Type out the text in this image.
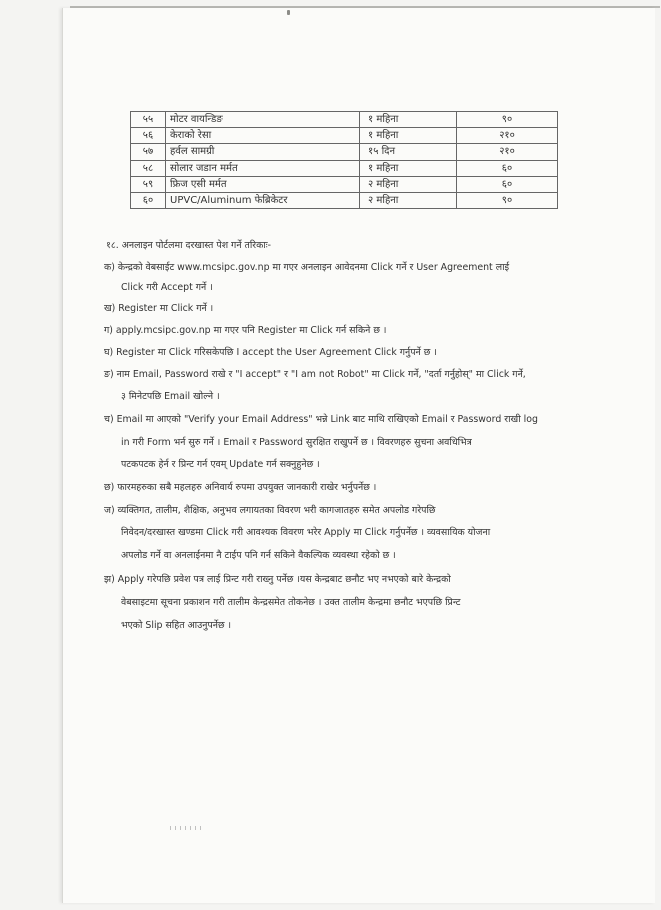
५५	मोटर वायन्डिङ	१ महिना	९०
५६	केराको रेसा	१ महिना	२१०
५७	हर्वल सामग्री	१५ दिन	२१०
५८	सोलार जडान मर्मत	१ महिना	६०
५९	फ्रिज एसी मर्मत	२ महिना	६०
६०	UPVC/Aluminum फेब्रिकेटर	२ महिना	९०
१८. अनलाइन पोर्टलमा दरखास्त पेश गर्ने तरिकाः-
क) केन्द्रको वेबसाईट www.mcsipc.gov.np मा गएर अनलाइन आवेदनमा Click गर्ने र User Agreement लाई
Click गरी Accept गर्ने ।
ख) Register मा Click गर्ने ।
ग) apply.mcsipc.gov.np मा गएर पनि Register मा Click गर्न सकिने छ ।
घ) Register मा Click गरिसकेपछि I accept the User Agreement Click गर्नुपर्ने छ ।
ङ) नाम Email, Password राखे र "I accept" र "I am not Robot" मा Click गर्ने, "दर्ता गर्नुहोस्" मा Click गर्ने,
३ मिनेटपछि Email खोल्ने ।
च) Email मा आएको "Verify your Email Address" भन्ने Link बाट माथि राखिएको Email र Password राखी log
in गरी Form भर्न सुरु गर्ने । Email र Password सुरक्षित राखुपर्ने छ । विवरणहरु सुचना अवधिभित्र
पटकपटक हेर्न र प्रिन्ट गर्न एवम् Update गर्न सक्नुहुनेछ ।
छ) फारमहरुका सबै महलहरु अनिवार्य रुपमा उपयुक्त जानकारी राखेर भर्नुपर्नेछ ।
ज) व्यक्तिगत, तालीम, शैक्षिक, अनुभव लगायतका विवरण भरी कागजातहरु समेत अपलोड गरेपछि
निवेदन/दरखास्त खण्डमा Click गरी आवश्यक विवरण भरेर Apply मा Click गर्नुपर्नेछ । व्यवसायिक योजना
अपलोड गर्ने वा अनलाईनमा नै टाईप पनि गर्न सकिने वैकल्पिक व्यवस्था रहेको छ ।
झ) Apply गरेपछि प्रवेश पत्र लाई प्रिन्ट गरी राख्नु पर्नेछ ।यस केन्द्रबाट छनौट भए नभएको बारे केन्द्रको
वेबसाइटमा सूचना प्रकाशन गरी तालीम केन्द्रसमेत तोकनेछ । उक्त तालीम केन्द्रमा छनौट भएपछि प्रिन्ट
भएको Slip सहित आउनुपर्नेछ ।
